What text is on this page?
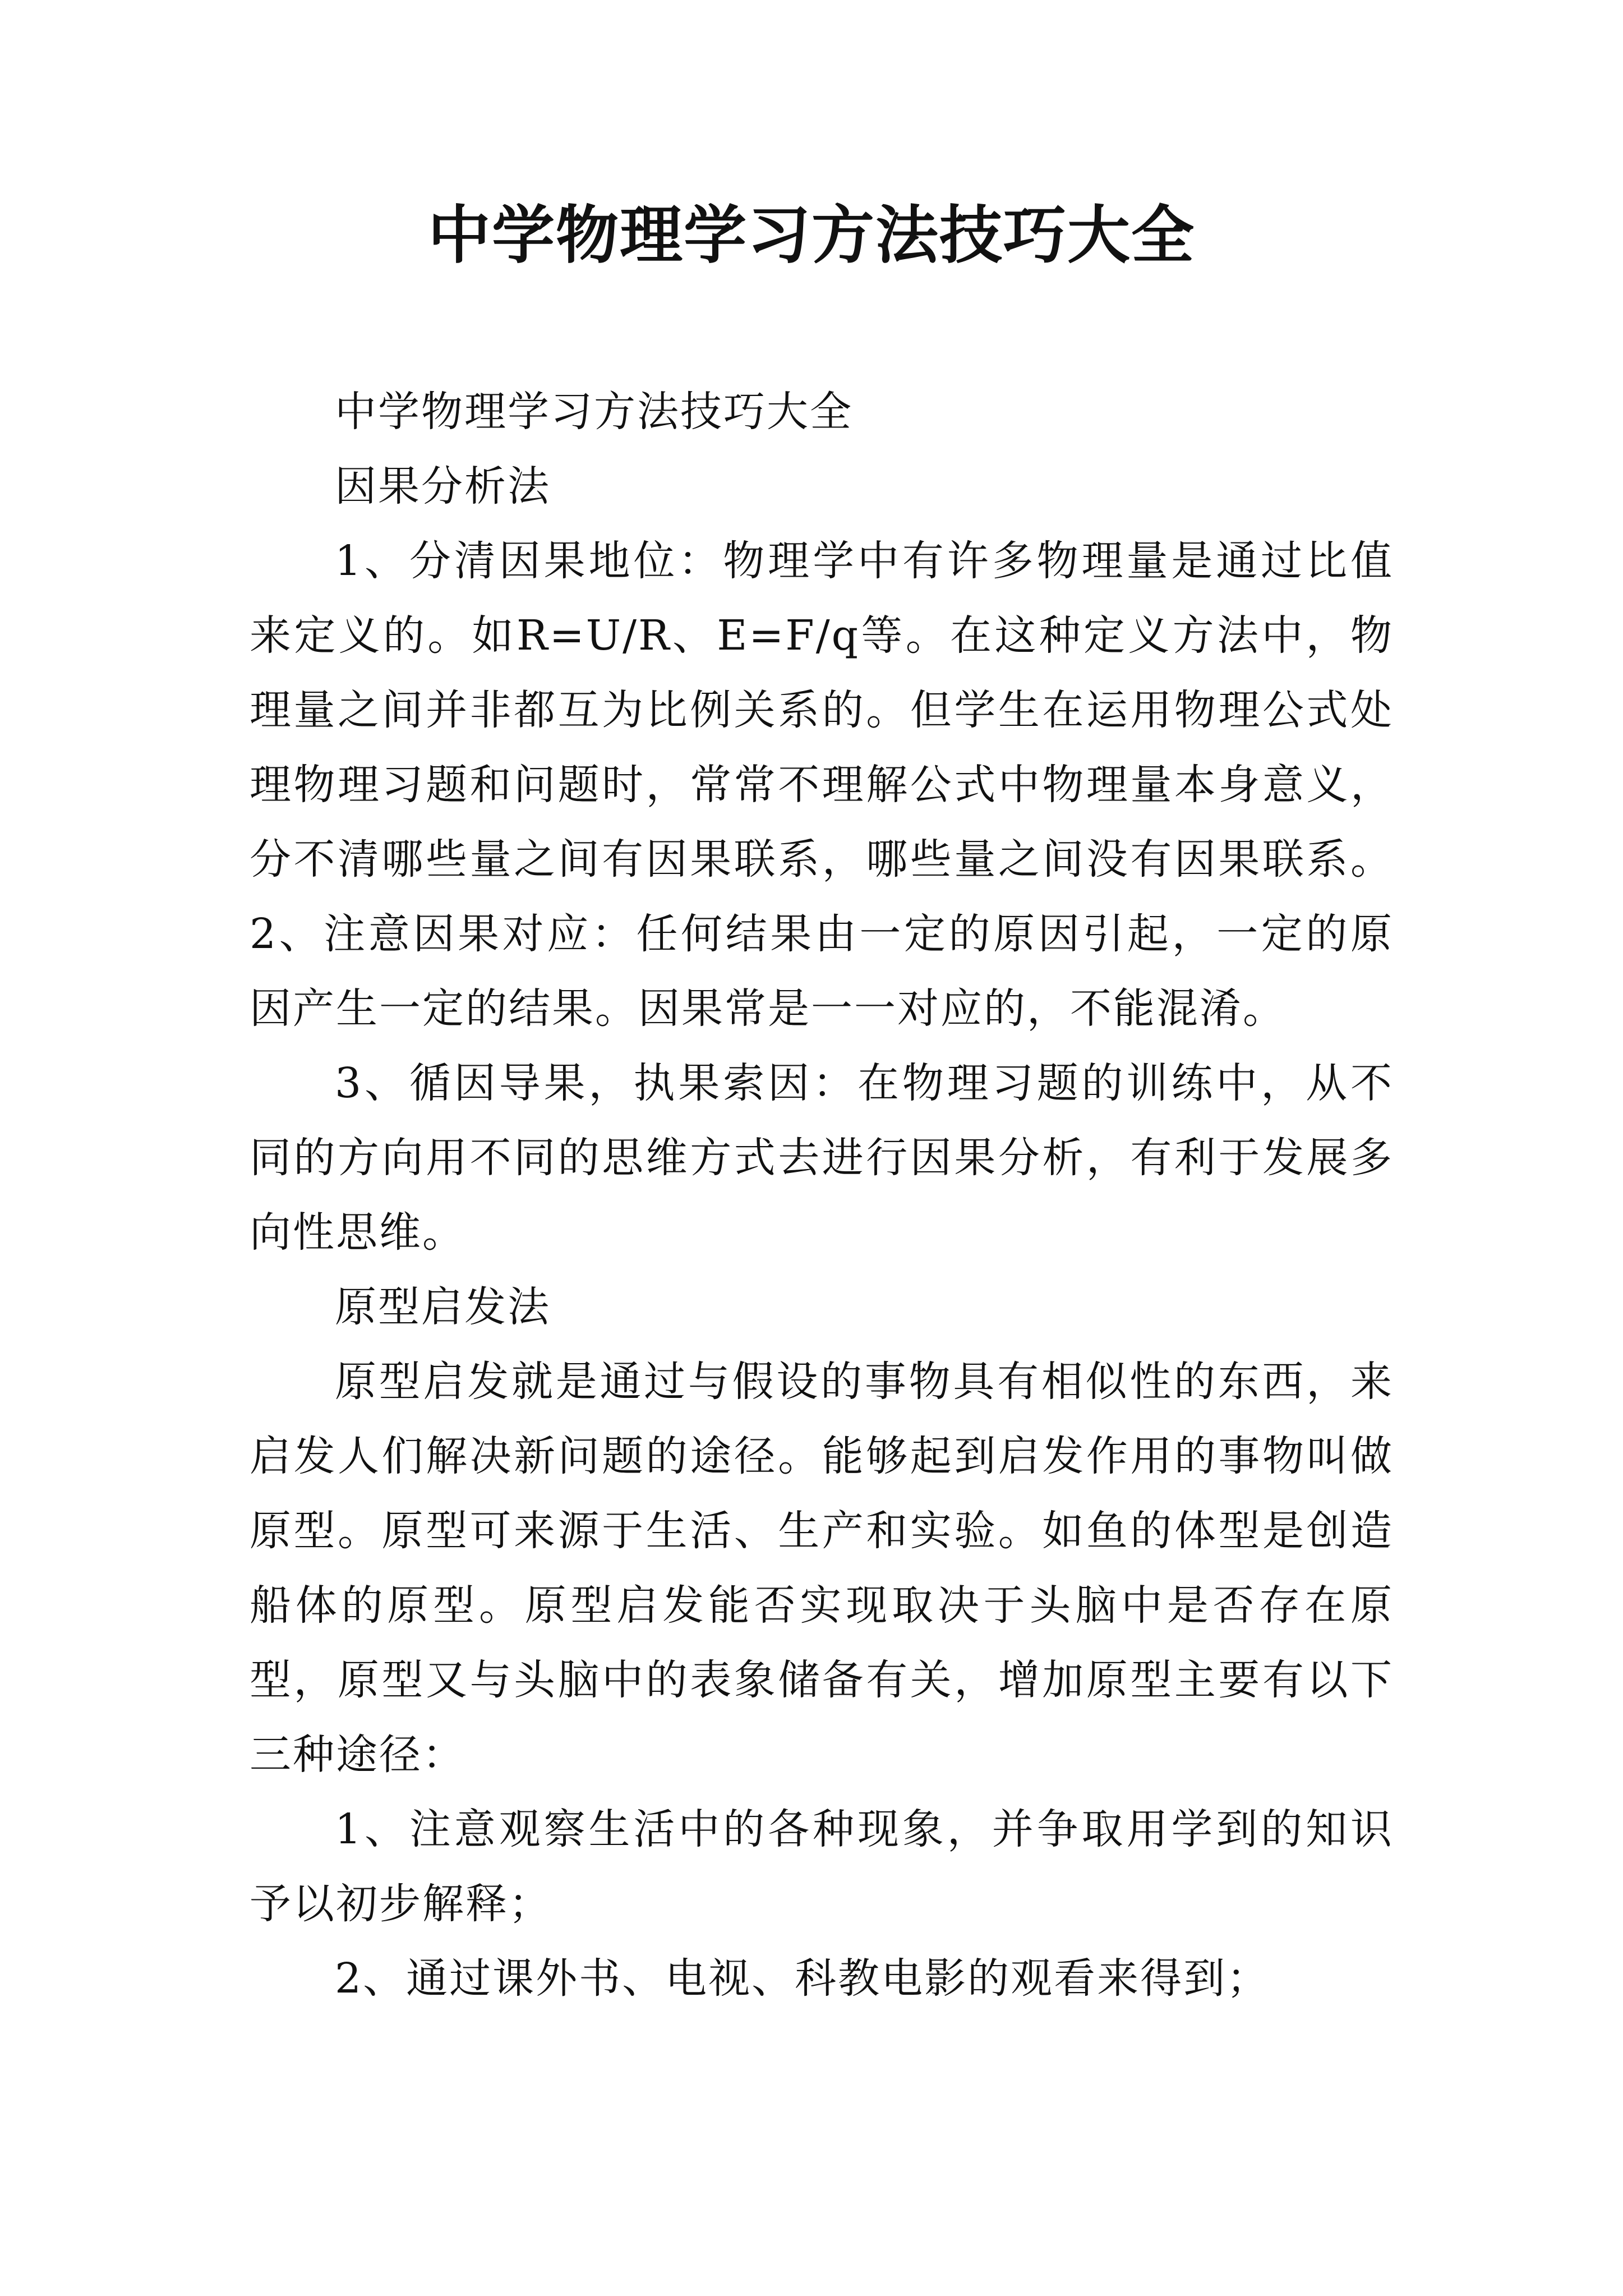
中学物理学习方法技巧大全

中学物理学习方法技巧大全

因果分析法

1、分清因果地位：物理学中有许多物理量是通过比值来定义的。如R=U/R、E=F/q等。在这种定义方法中，物理量之间并非都互为比例关系的。但学生在运用物理公式处理物理习题和问题时，常常不理解公式中物理量本身意义，分不清哪些量之间有因果联系，哪些量之间没有因果联系。2、注意因果对应：任何结果由一定的原因引起，一定的原因产生一定的结果。因果常是一一对应的，不能混淆。

3、循因导果，执果索因：在物理习题的训练中，从不同的方向用不同的思维方式去进行因果分析，有利于发展多向性思维。

原型启发法

原型启发就是通过与假设的事物具有相似性的东西，来启发人们解决新问题的途径。能够起到启发作用的事物叫做原型。原型可来源于生活、生产和实验。如鱼的体型是创造船体的原型。原型启发能否实现取决于头脑中是否存在原型，原型又与头脑中的表象储备有关，增加原型主要有以下三种途径：

1、注意观察生活中的各种现象，并争取用学到的知识予以初步解释；

2、通过课外书、电视、科教电影的观看来得到；
